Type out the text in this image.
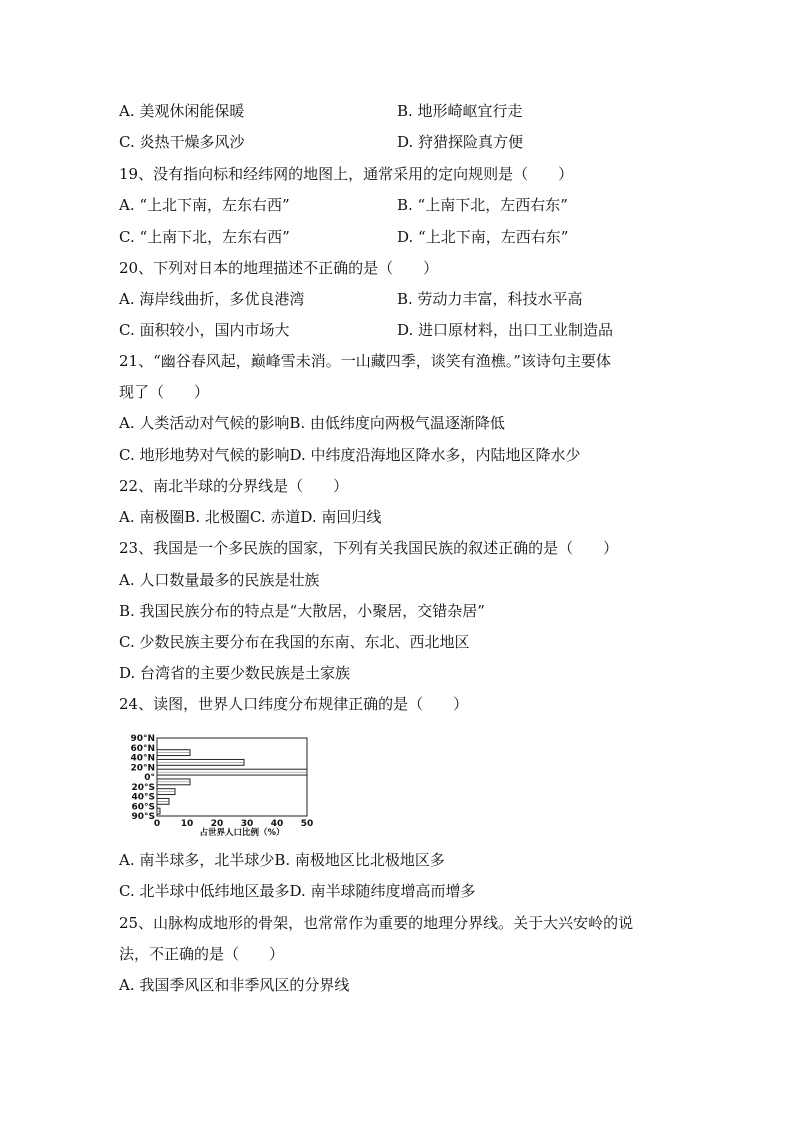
A. 美观休闲能保暖	B. 地形崎岖宜行走
C. 炎热干燥多风沙	D. 狩猎探险真方便
19、没有指向标和经纬网的地图上，通常采用的定向规则是（　　）
A. “上北下南，左东右西”	B. “上南下北，左西右东”
C. “上南下北，左东右西”	D. “上北下南，左西右东”
20、下列对日本的地理描述不正确的是（　　）
A. 海岸线曲折，多优良港湾	B. 劳动力丰富，科技水平高
C. 面积较小，国内市场大	D. 进口原材料，出口工业制造品
21、“幽谷春风起，巅峰雪未消。一山藏四季，谈笑有渔樵。”该诗句主要体
现了（　　）
A. 人类活动对气候的影响B. 由低纬度向两极气温逐渐降低
C. 地形地势对气候的影响D. 中纬度沿海地区降水多，内陆地区降水少
22、南北半球的分界线是（　　）
A. 南极圈B. 北极圈C. 赤道D. 南回归线
23、我国是一个多民族的国家，下列有关我国民族的叙述正确的是（　　）
A. 人口数量最多的民族是壮族
B. 我国民族分布的特点是“大散居，小聚居，交错杂居”
C. 少数民族主要分布在我国的东南、东北、西北地区
D. 台湾省的主要少数民族是土家族
24、读图，世界人口纬度分布规律正确的是（　　）
90°N
60°N
40°N
20°N
0°
20°S
40°S
60°S
90°S
0 10 20 30 40 50
占世界人口比例（%）
A. 南半球多，北半球少B. 南极地区比北极地区多
C. 北半球中低纬地区最多D. 南半球随纬度增高而增多
25、山脉构成地形的骨架，也常常作为重要的地理分界线。关于大兴安岭的说
法，不正确的是（　　）
A. 我国季风区和非季风区的分界线
